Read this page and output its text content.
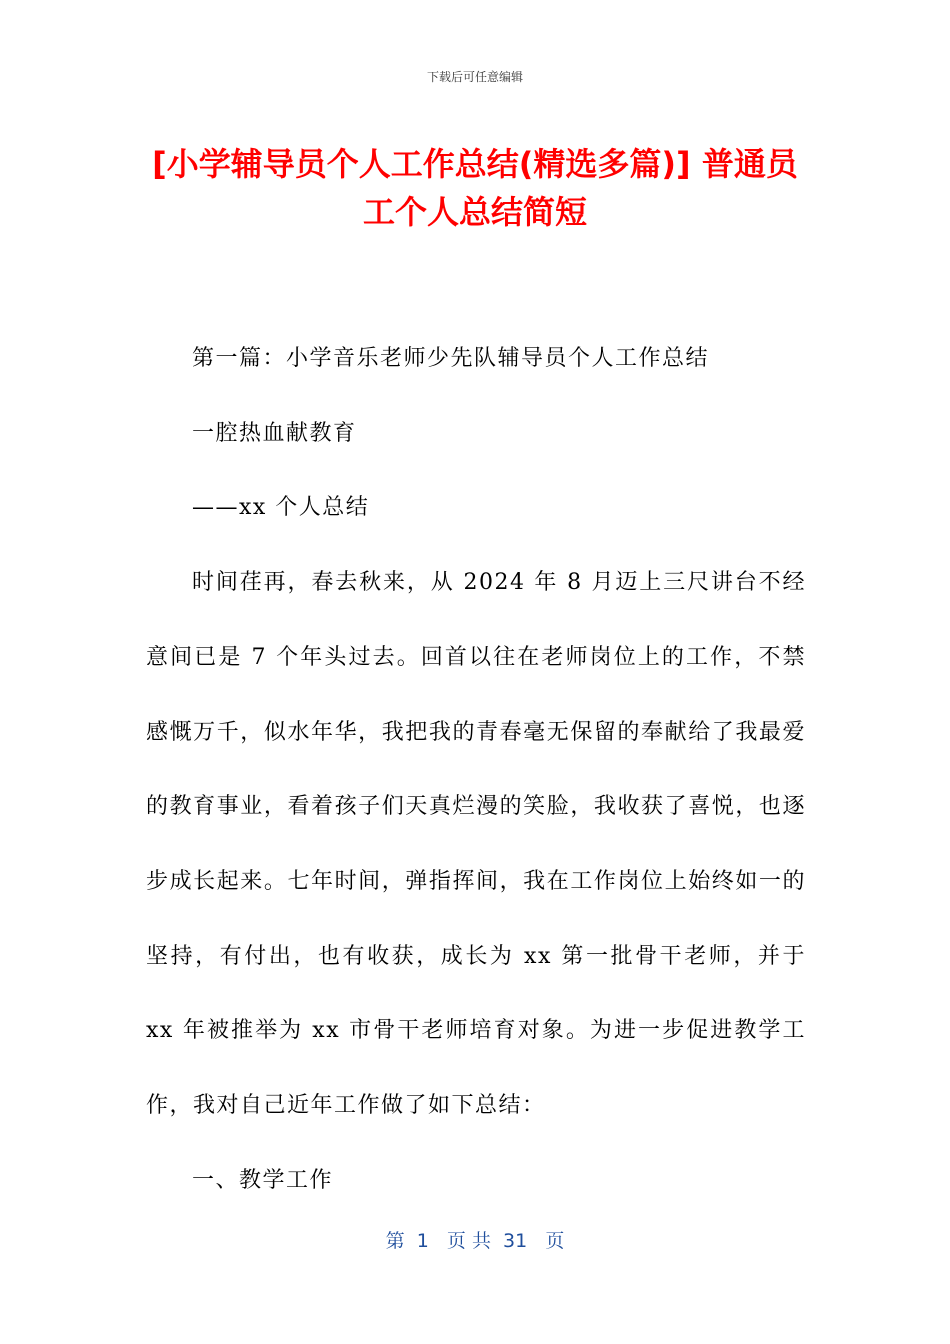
下载后可任意编辑
[小学辅导员个人工作总结(精选多篇)] 普通员工个人总结简短

第一篇：小学音乐老师少先队辅导员个人工作总结

一腔热血献教育

——xx 个人总结

时间荏再，春去秋来，从 2024 年 8 月迈上三尺讲台不经意间已是 7 个年头过去。回首以往在老师岗位上的工作，不禁感慨万千，似水年华，我把我的青春毫无保留的奉献给了我最爱的教育事业，看着孩子们天真烂漫的笑脸，我收获了喜悦，也逐步成长起来。七年时间，弹指挥间，我在工作岗位上始终如一的坚持，有付出，也有收获，成长为 xx 第一批骨干老师，并于 xx 年被推举为 xx 市骨干老师培育对象。为进一步促进教学工作，我对自己近年工作做了如下总结：

一、教学工作

第  1   页 共  31   页
